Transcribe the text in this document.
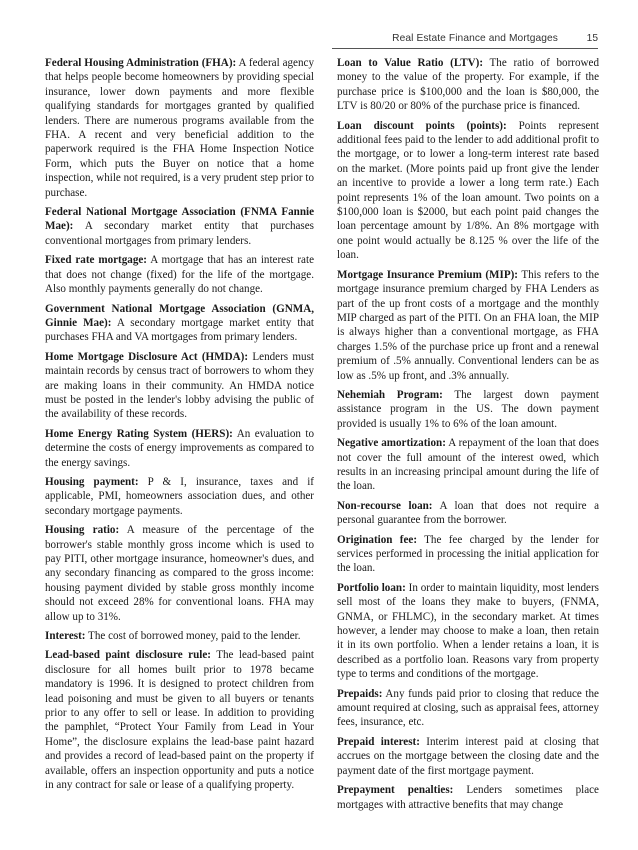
Real Estate Finance and Mortgages	15

Federal Housing Administration (FHA): A federal agency that helps people become homeowners by providing special insurance, lower down payments and more flexible qualifying standards for mortgages granted by qualified lenders. There are numerous programs available from the FHA. A recent and very beneficial addition to the paperwork required is the FHA Home Inspection Notice Form, which puts the Buyer on notice that a home inspection, while not required, is a very prudent step prior to purchase.

Federal National Mortgage Association (FNMA Fannie Mae): A secondary market entity that purchases conventional mortgages from primary lenders.

Fixed rate mortgage: A mortgage that has an interest rate that does not change (fixed) for the life of the mortgage. Also monthly payments generally do not change.

Government National Mortgage Association (GNMA, Ginnie Mae): A secondary mortgage market entity that purchases FHA and VA mortgages from primary lenders.

Home Mortgage Disclosure Act (HMDA): Lenders must maintain records by census tract of borrowers to whom they are making loans in their community. An HMDA notice must be posted in the lender's lobby advising the public of the availability of these records.

Home Energy Rating System (HERS): An evaluation to determine the costs of energy improvements as compared to the energy savings.

Housing payment: P & I, insurance, taxes and if applicable, PMI, homeowners association dues, and other secondary mortgage payments.

Housing ratio: A measure of the percentage of the borrower's stable monthly gross income which is used to pay PITI, other mortgage insurance, homeowner's dues, and any secondary financing as compared to the gross income: housing payment divided by stable gross monthly income should not exceed 28% for conventional loans. FHA may allow up to 31%.

Interest: The cost of borrowed money, paid to the lender.

Lead-based paint disclosure rule: The lead-based paint disclosure for all homes built prior to 1978 became mandatory is 1996. It is designed to protect children from lead poisoning and must be given to all buyers or tenants prior to any offer to sell or lease. In addition to providing the pamphlet, “Protect Your Family from Lead in Your Home”, the disclosure explains the lead-base paint hazard and provides a record of lead-based paint on the property if available, offers an inspection opportunity and puts a notice in any contract for sale or lease of a qualifying property.

Loan to Value Ratio (LTV): The ratio of borrowed money to the value of the property. For example, if the purchase price is $100,000 and the loan is $80,000, the LTV is 80/20 or 80% of the purchase price is financed.

Loan discount points (points): Points represent additional fees paid to the lender to add additional profit to the mortgage, or to lower a long-term interest rate based on the market. (More points paid up front give the lender an incentive to provide a lower a long term rate.) Each point represents 1% of the loan amount. Two points on a $100,000 loan is $2000, but each point paid changes the loan percentage amount by 1/8%. An 8% mortgage with one point would actually be 8.125 % over the life of the loan.

Mortgage Insurance Premium (MIP): This refers to the mortgage insurance premium charged by FHA Lenders as part of the up front costs of a mortgage and the monthly MIP charged as part of the PITI. On an FHA loan, the MIP is always higher than a conventional mortgage, as FHA charges 1.5% of the purchase price up front and a renewal premium of .5% annually. Conventional lenders can be as low as .5% up front, and .3% annually.

Nehemiah Program: The largest down payment assistance program in the US. The down payment provided is usually 1% to 6% of the loan amount.

Negative amortization: A repayment of the loan that does not cover the full amount of the interest owed, which results in an increasing principal amount during the life of the loan.

Non-recourse loan: A loan that does not require a personal guarantee from the borrower.

Origination fee: The fee charged by the lender for services performed in processing the initial application for the loan.

Portfolio loan: In order to maintain liquidity, most lenders sell most of the loans they make to buyers, (FNMA, GNMA, or FHLMC), in the secondary market. At times however, a lender may choose to make a loan, then retain it in its own portfolio. When a lender retains a loan, it is described as a portfolio loan. Reasons vary from property type to terms and conditions of the mortgage.

Prepaids: Any funds paid prior to closing that reduce the amount required at closing, such as appraisal fees, attorney fees, insurance, etc.

Prepaid interest: Interim interest paid at closing that accrues on the mortgage between the closing date and the payment date of the first mortgage payment.

Prepayment penalties: Lenders sometimes place mortgages with attractive benefits that may change
